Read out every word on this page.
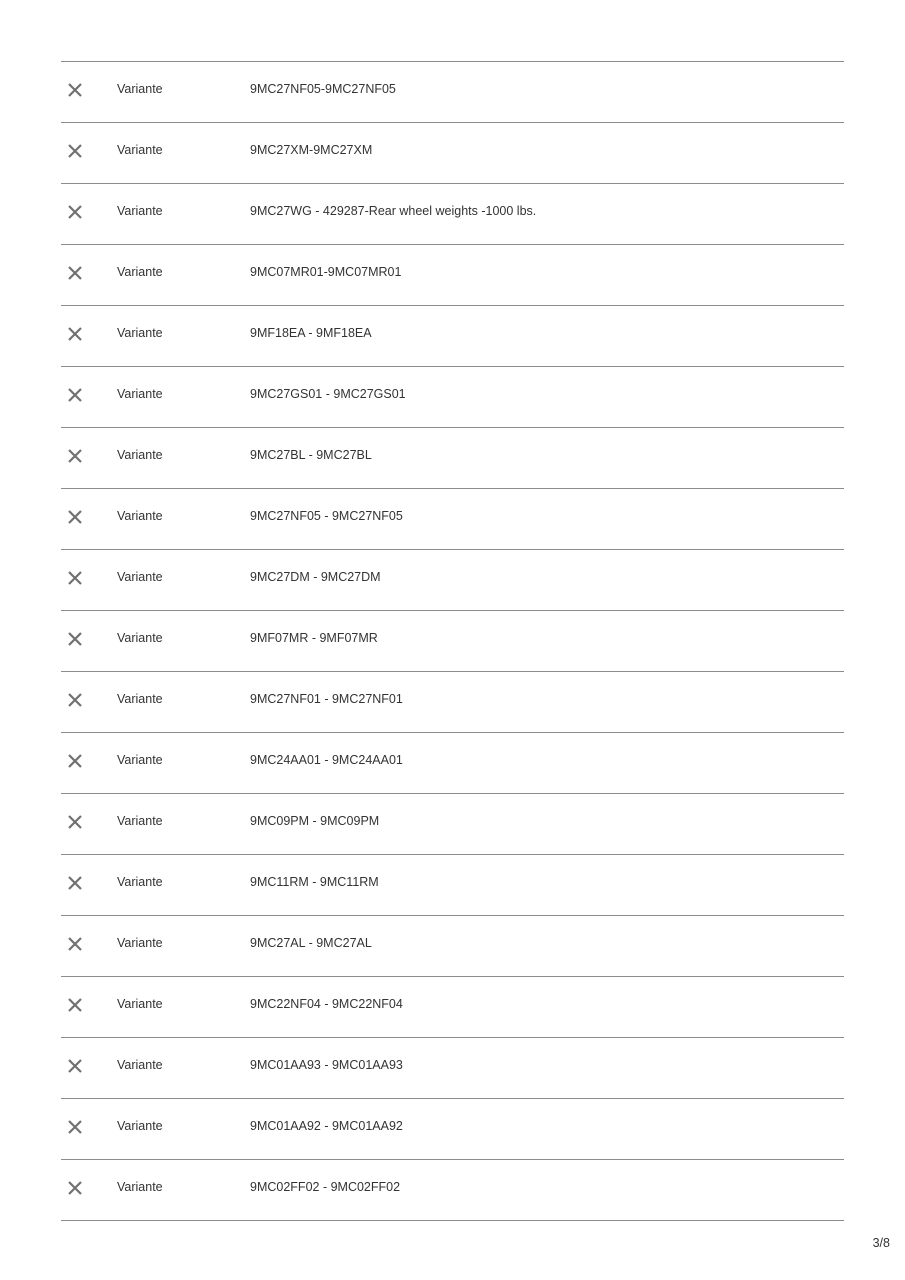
Variante	9MC27NF05-9MC27NF05
Variante	9MC27XM-9MC27XM
Variante	9MC27WG - 429287-Rear wheel weights -1000 lbs.
Variante	9MC07MR01-9MC07MR01
Variante	9MF18EA - 9MF18EA
Variante	9MC27GS01 - 9MC27GS01
Variante	9MC27BL - 9MC27BL
Variante	9MC27NF05 - 9MC27NF05
Variante	9MC27DM - 9MC27DM
Variante	9MF07MR - 9MF07MR
Variante	9MC27NF01 - 9MC27NF01
Variante	9MC24AA01 - 9MC24AA01
Variante	9MC09PM - 9MC09PM
Variante	9MC11RM - 9MC11RM
Variante	9MC27AL - 9MC27AL
Variante	9MC22NF04 - 9MC22NF04
Variante	9MC01AA93 - 9MC01AA93
Variante	9MC01AA92 - 9MC01AA92
Variante	9MC02FF02 - 9MC02FF02
3/8
